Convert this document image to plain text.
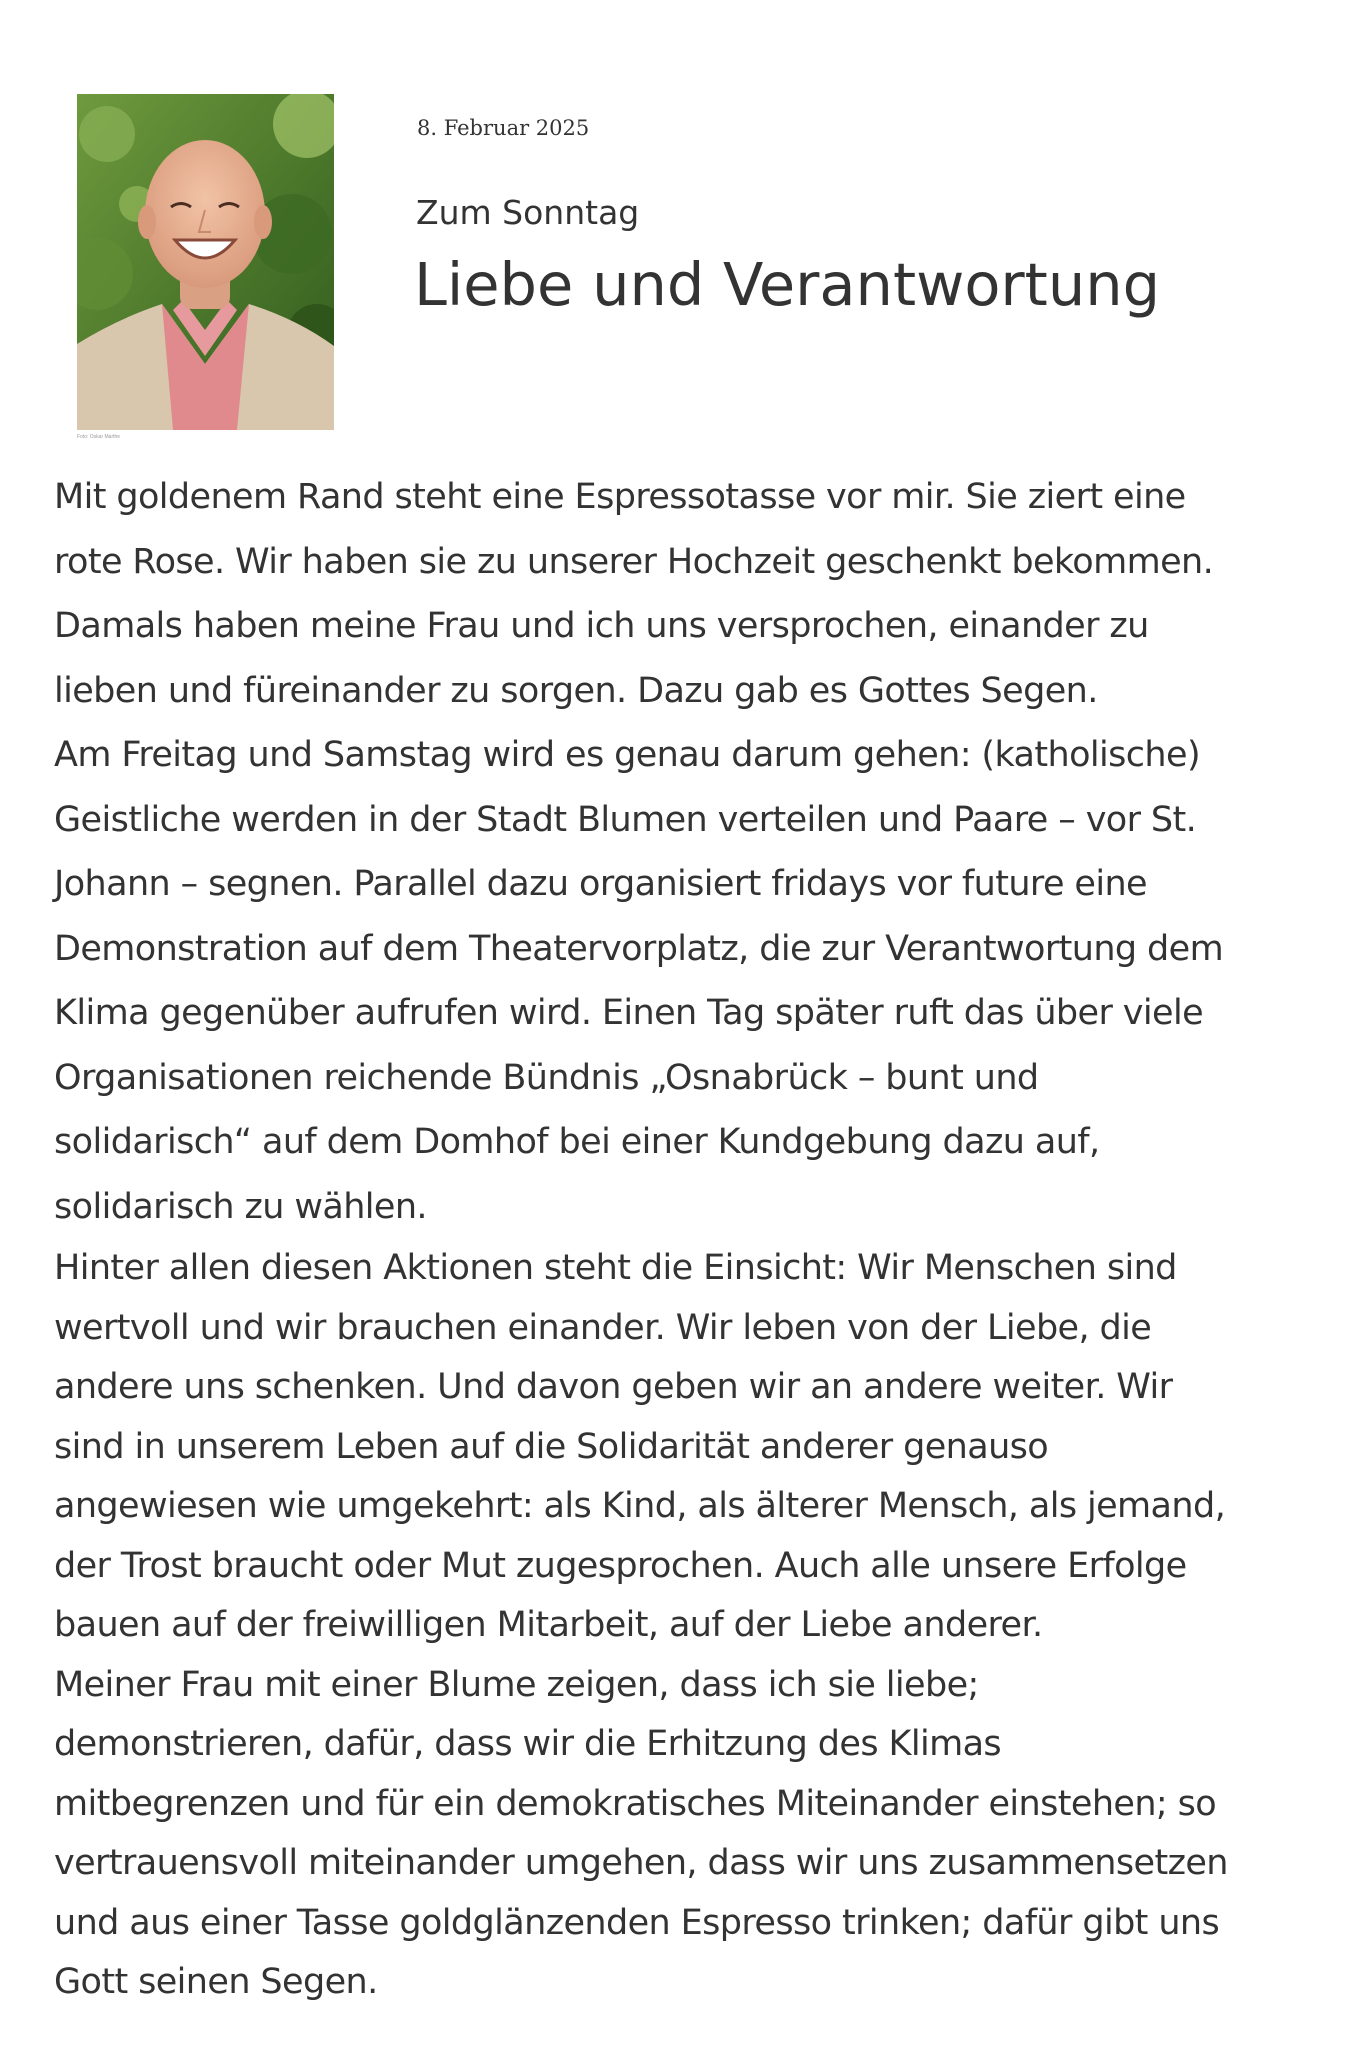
Foto: Oskar Marthe
8. Februar 2025
Zum Sonntag
Liebe und Verantwortung

Mit goldenem Rand steht eine Espressotasse vor mir. Sie ziert eine
rote Rose. Wir haben sie zu unserer Hochzeit geschenkt bekommen.
Damals haben meine Frau und ich uns versprochen, einander zu
lieben und füreinander zu sorgen. Dazu gab es Gottes Segen.

Am Freitag und Samstag wird es genau darum gehen: (katholische)
Geistliche werden in der Stadt Blumen verteilen und Paare – vor St.
Johann – segnen. Parallel dazu organisiert fridays vor future eine
Demonstration auf dem Theatervorplatz, die zur Verantwortung dem
Klima gegenüber aufrufen wird. Einen Tag später ruft das über viele
Organisationen reichende Bündnis „Osnabrück – bunt und
solidarisch“ auf dem Domhof bei einer Kundgebung dazu auf,
solidarisch zu wählen.

Hinter allen diesen Aktionen steht die Einsicht: Wir Menschen sind
wertvoll und wir brauchen einander. Wir leben von der Liebe, die
andere uns schenken. Und davon geben wir an andere weiter. Wir
sind in unserem Leben auf die Solidarität anderer genauso
angewiesen wie umgekehrt: als Kind, als älterer Mensch, als jemand,
der Trost braucht oder Mut zugesprochen. Auch alle unsere Erfolge
bauen auf der freiwilligen Mitarbeit, auf der Liebe anderer.

Meiner Frau mit einer Blume zeigen, dass ich sie liebe;
demonstrieren, dafür, dass wir die Erhitzung des Klimas
mitbegrenzen und für ein demokratisches Miteinander einstehen; so
vertrauensvoll miteinander umgehen, dass wir uns zusammensetzen
und aus einer Tasse goldglänzenden Espresso trinken; dafür gibt uns
Gott seinen Segen.
